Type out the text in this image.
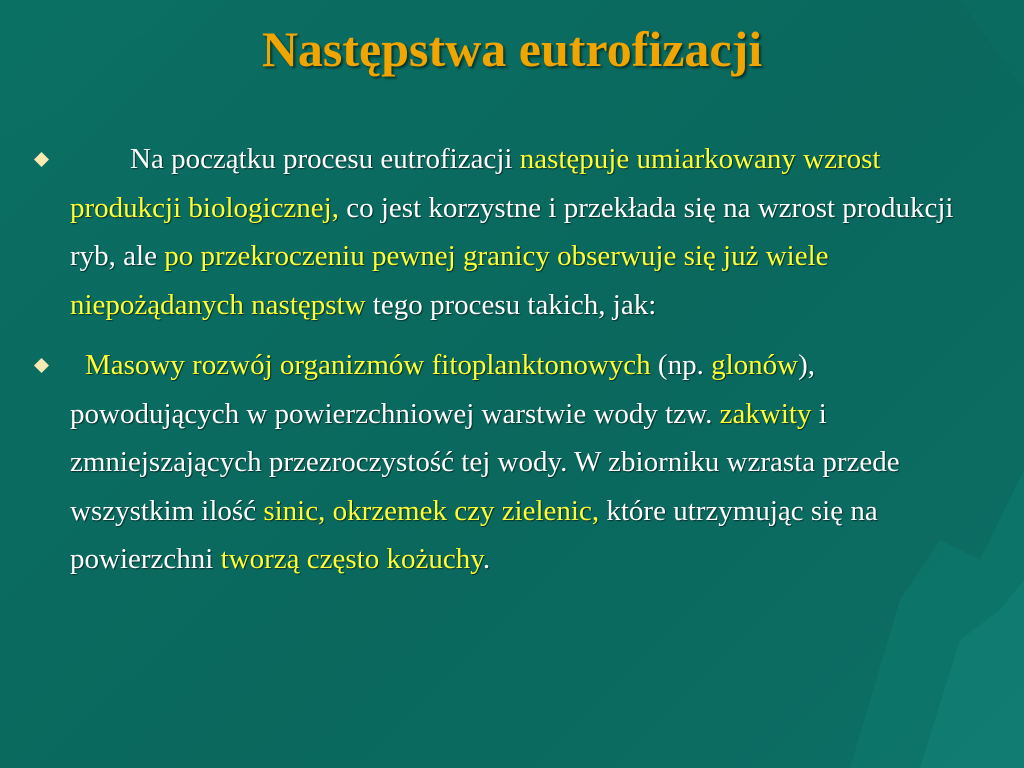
Następstwa eutrofizacji
Na początku procesu eutrofizacji następuje umiarkowany wzrost produkcji biologicznej, co jest korzystne i przekłada się na wzrost produkcji ryb, ale po przekroczeniu pewnej granicy obserwuje się już wiele niepożądanych następstw tego procesu takich, jak:
Masowy rozwój organizmów fitoplanktonowych (np. glonów), powodujących w powierzchniowej warstwie wody tzw. zakwity i zmniejszających przezroczystość tej wody. W zbiorniku wzrasta przede wszystkim ilość sinic, okrzemek czy zielenic, które utrzymując się na powierzchni tworzą często kożuchy.
